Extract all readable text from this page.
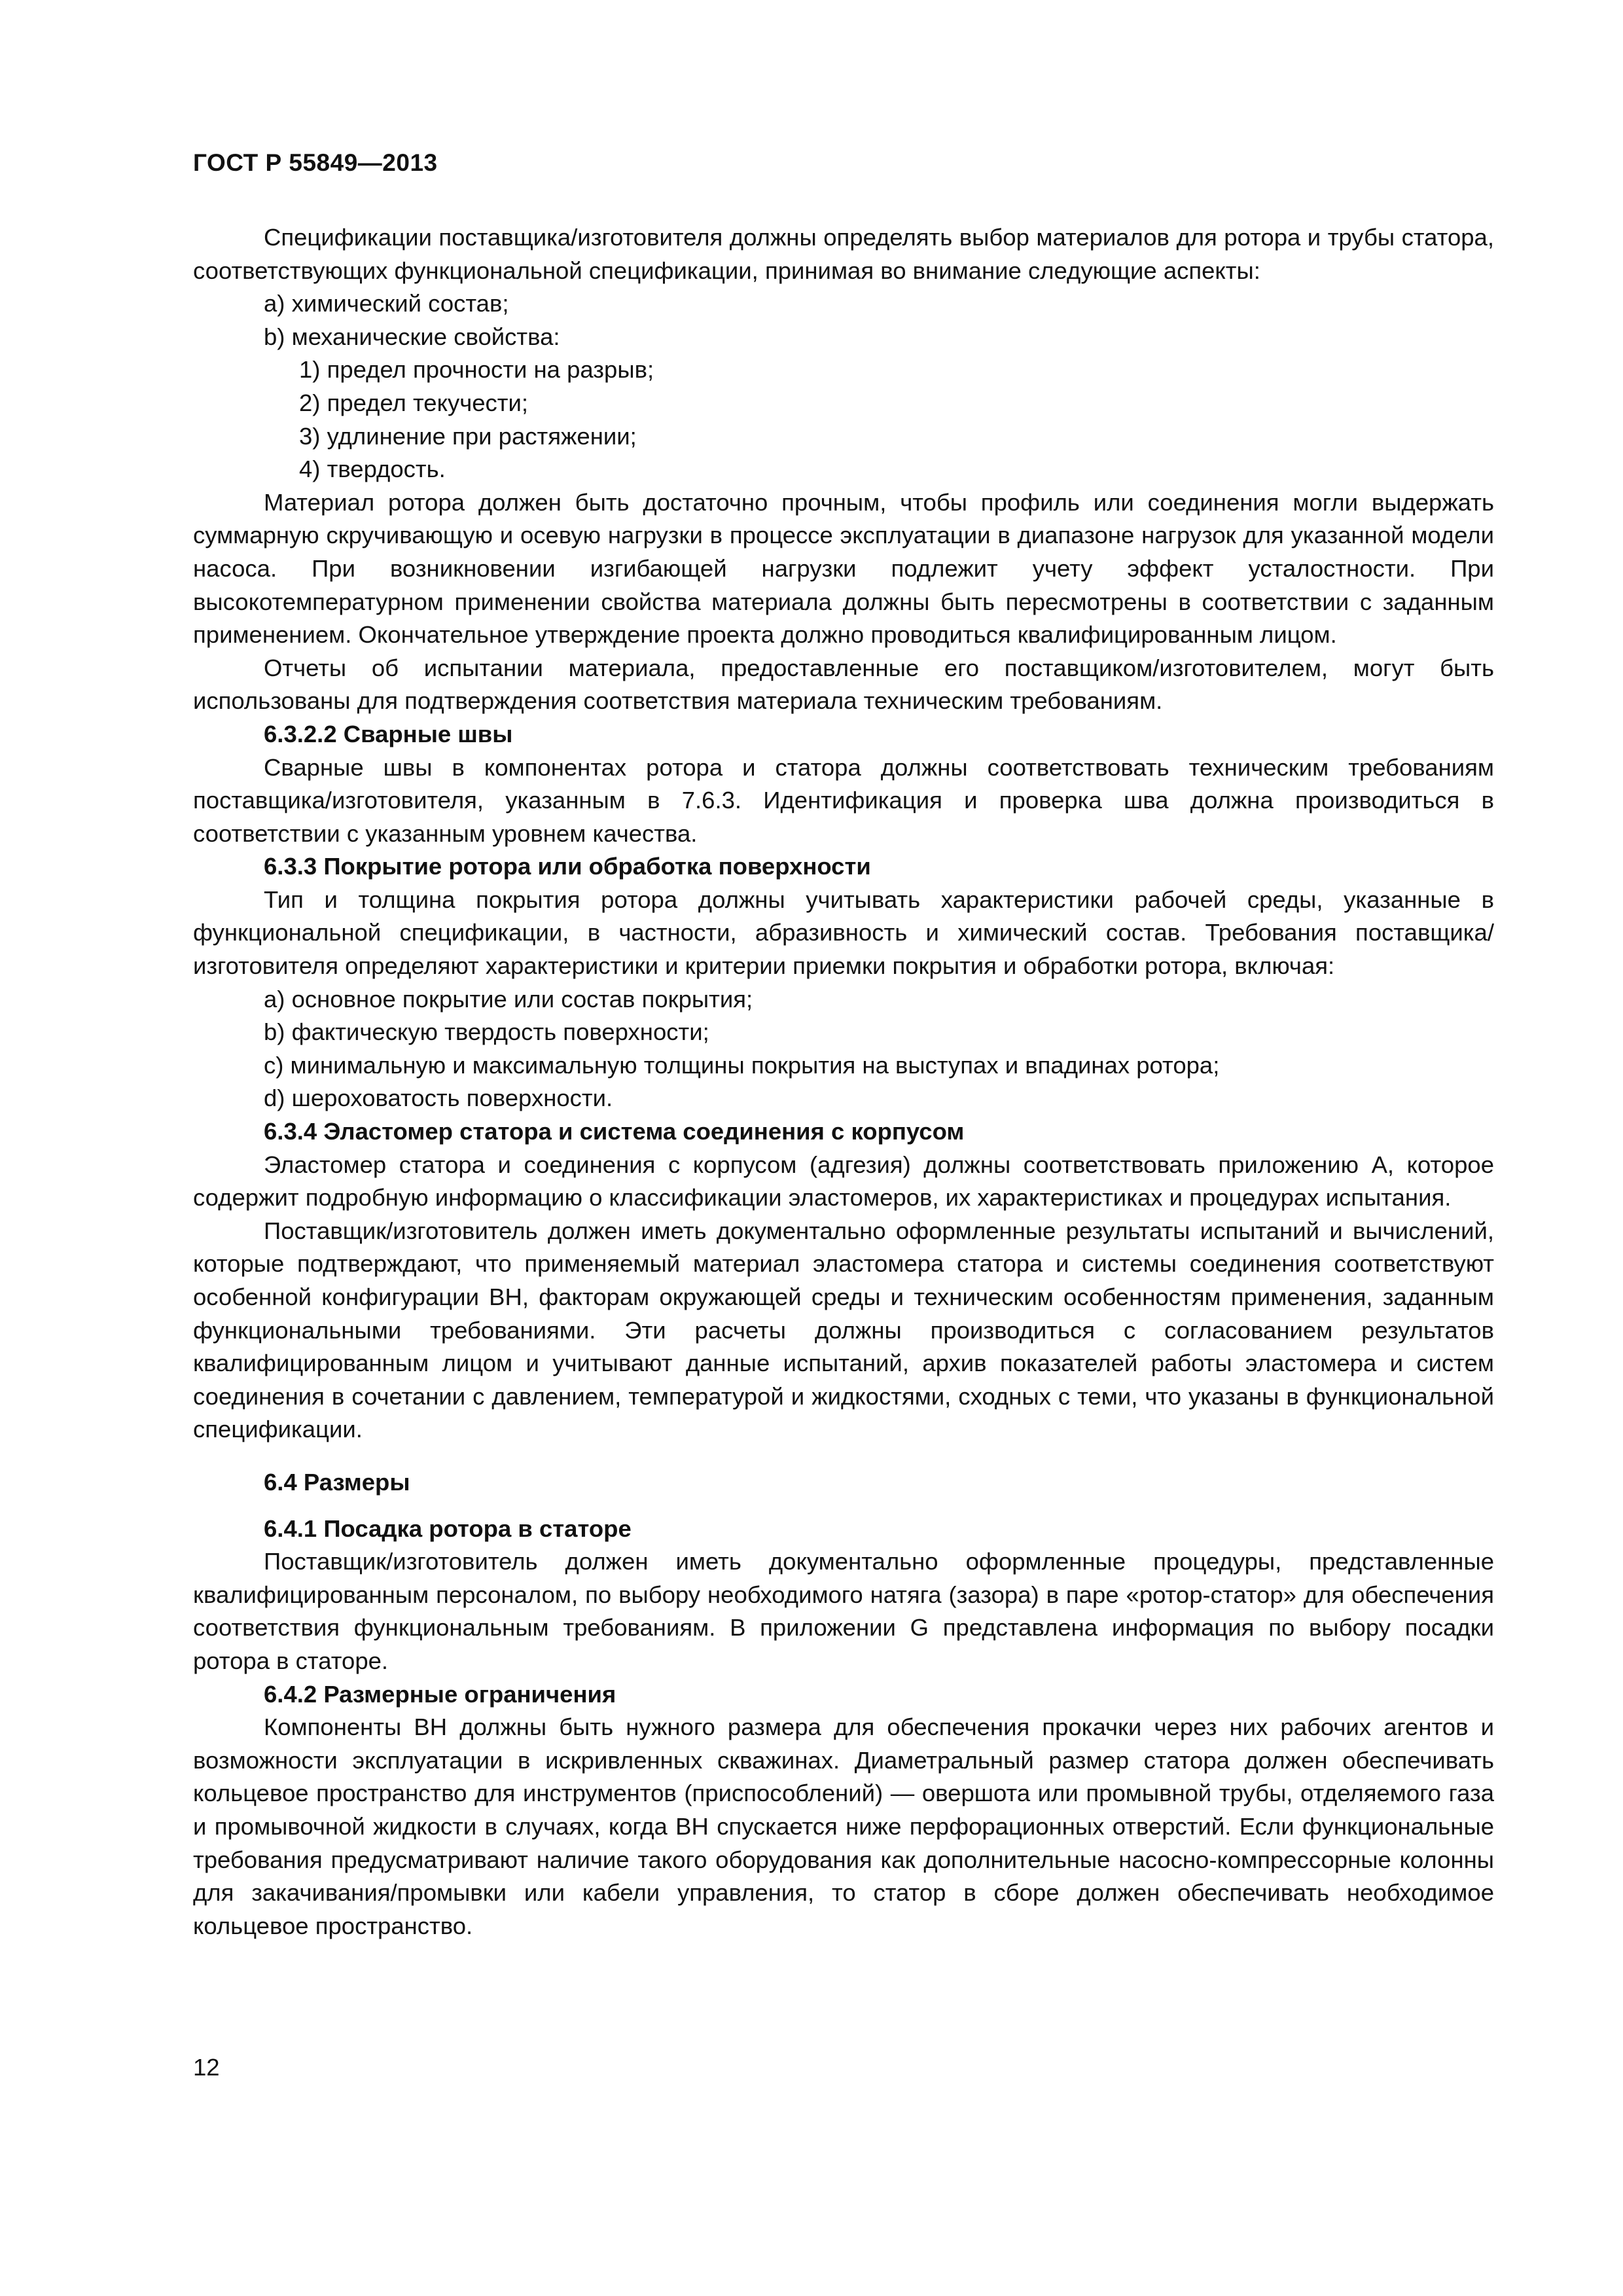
ГОСТ Р 55849—2013

Спецификации поставщика/изготовителя должны определять выбор материалов для ротора и трубы статора, соответствующих функциональной спецификации, принимая во внимание следующие аспекты:

a) химический состав;

b) механические свойства:

1) предел прочности на разрыв;

2) предел текучести;

3) удлинение при растяжении;

4) твердость.

Материал ротора должен быть достаточно прочным, чтобы профиль или соединения могли выдержать суммарную скручивающую и осевую нагрузки в процессе эксплуатации в диапазоне нагрузок для указанной модели насоса. При возникновении изгибающей нагрузки подлежит учету эффект усталостности. При высокотемпературном применении свойства материала должны быть пересмотрены в соответствии с заданным применением. Окончательное утверждение проекта должно проводиться квалифицированным лицом.

Отчеты об испытании материала, предоставленные его поставщиком/изготовителем, могут быть использованы для подтверждения соответствия материала техническим требованиям.

6.3.2.2 Сварные швы

Сварные швы в компонентах ротора и статора должны соответствовать техническим требованиям поставщика/изготовителя, указанным в 7.6.3. Идентификация и проверка шва должна производиться в соответствии с указанным уровнем качества.

6.3.3 Покрытие ротора или обработка поверхности

Тип и толщина покрытия ротора должны учитывать характеристики рабочей среды, указанные в функциональной спецификации, в частности, абразивность и химический состав. Требования поставщика/изготовителя определяют характеристики и критерии приемки покрытия и обработки ротора, включая:

a) основное покрытие или состав покрытия;

b) фактическую твердость поверхности;

c) минимальную и максимальную толщины покрытия на выступах и впадинах ротора;

d) шероховатость поверхности.

6.3.4 Эластомер статора и система соединения с корпусом

Эластомер статора и соединения с корпусом (адгезия) должны соответствовать приложению А, которое содержит подробную информацию о классификации эластомеров, их характеристиках и процедурах испытания.

Поставщик/изготовитель должен иметь документально оформленные результаты испытаний и вычислений, которые подтверждают, что применяемый материал эластомера статора и системы соединения соответствуют особенной конфигурации ВН, факторам окружающей среды и техническим особенностям применения, заданным функциональными требованиями. Эти расчеты должны производиться с согласованием результатов квалифицированным лицом и учитывают данные испытаний, архив показателей работы эластомера и систем соединения в сочетании с давлением, температурой и жидкостями, сходных с теми, что указаны в функциональной спецификации.

6.4 Размеры
6.4.1 Посадка ротора в статоре

Поставщик/изготовитель должен иметь документально оформленные процедуры, представленные квалифицированным персоналом, по выбору необходимого натяга (зазора) в паре «ротор-статор» для обеспечения соответствия функциональным требованиям. В приложении G представлена информация по выбору посадки ротора в статоре.

6.4.2 Размерные ограничения

Компоненты ВН должны быть нужного размера для обеспечения прокачки через них рабочих агентов и возможности эксплуатации в искривленных скважинах. Диаметральный размер статора должен обеспечивать кольцевое пространство для инструментов (приспособлений) — овершота или промывной трубы, отделяемого газа и промывочной жидкости в случаях, когда ВН спускается ниже перфорационных отверстий. Если функциональные требования предусматривают наличие такого оборудования как дополнительные насосно-компрессорные колонны для закачивания/промывки или кабели управления, то статор в сборе должен обеспечивать необходимое кольцевое пространство.

12
